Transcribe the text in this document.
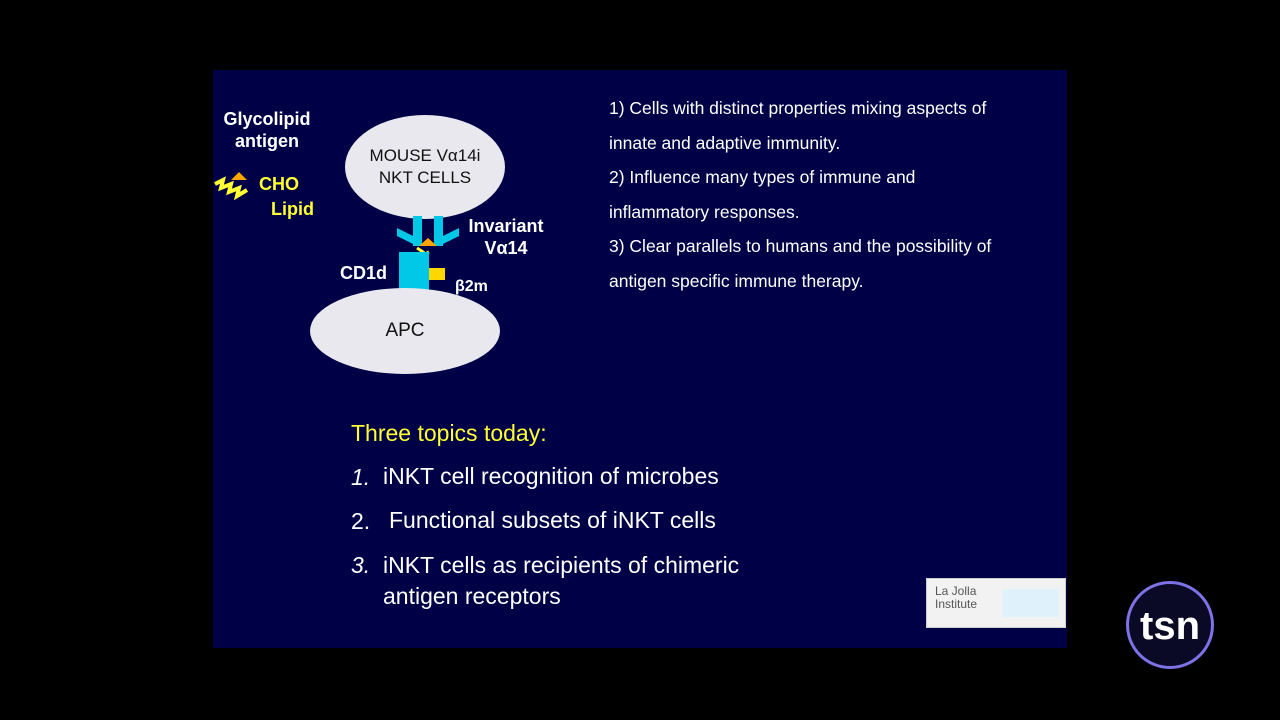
Glycolipid
antigen
CHO
Lipid
MOUSE Vα14i
NKT CELLS
Invariant
Vα14
CD1d
β2m
APC

1) Cells with distinct properties mixing aspects of

innate and adaptive immunity.

2) Influence many types of immune and

inflammatory responses.

3) Clear parallels to humans and the possibility of

antigen specific immune therapy.

Three topics today:
1. iNKT cell recognition of microbes
2. Functional subsets of iNKT cells
3. iNKT cells as recipients of chimeric
antigen receptors	La Jolla
Institute	tsn
